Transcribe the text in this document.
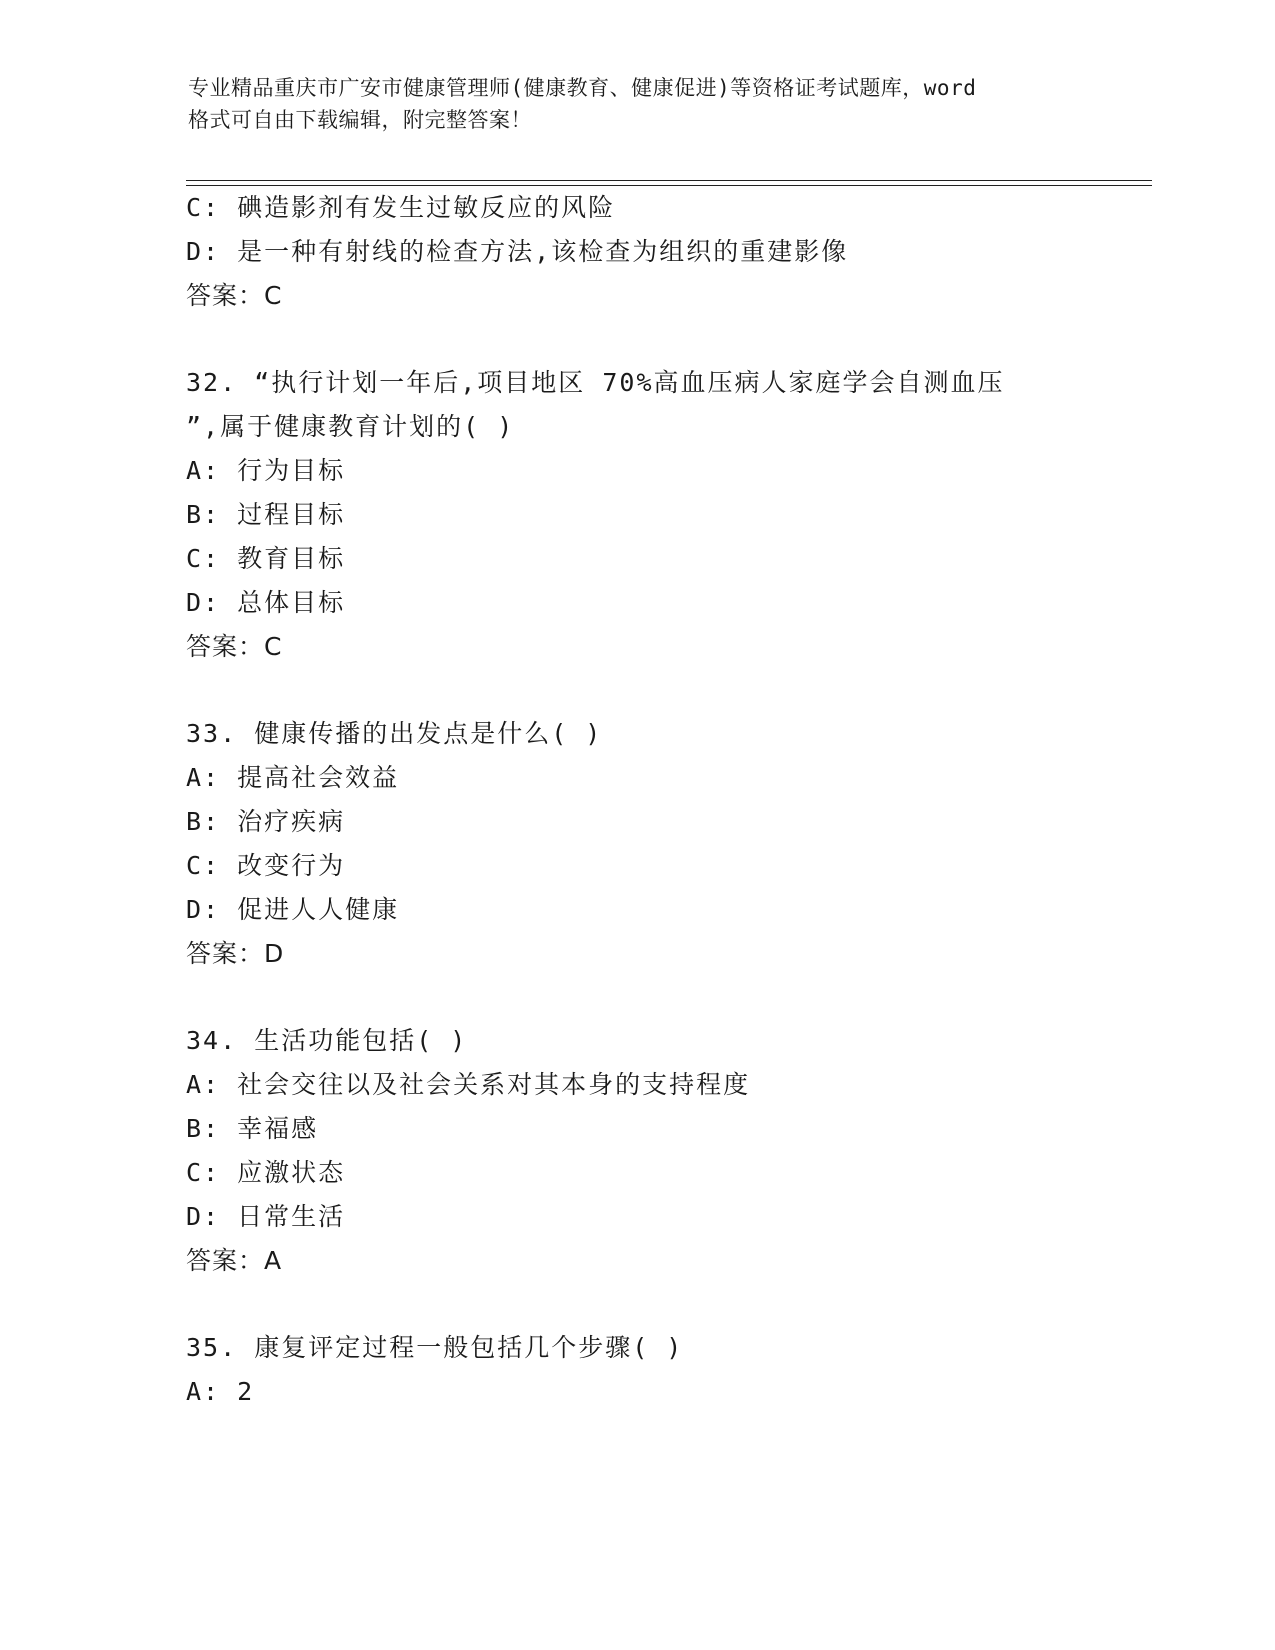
专业精品重庆市广安市健康管理师(健康教育、健康促进)等资格证考试题库，word
格式可自由下载编辑，附完整答案！
C: 碘造影剂有发生过敏反应的风险
D: 是一种有射线的检查方法,该检查为组织的重建影像
答案：C
32. “执行计划一年后,项目地区 70%高血压病人家庭学会自测血压
”,属于健康教育计划的( )
A: 行为目标
B: 过程目标
C: 教育目标
D: 总体目标
答案：C
33. 健康传播的出发点是什么( )
A: 提高社会效益
B: 治疗疾病
C: 改变行为
D: 促进人人健康
答案：D
34. 生活功能包括( )
A: 社会交往以及社会关系对其本身的支持程度
B: 幸福感
C: 应激状态
D: 日常生活
答案：A
35. 康复评定过程一般包括几个步骤( )
A: 2
